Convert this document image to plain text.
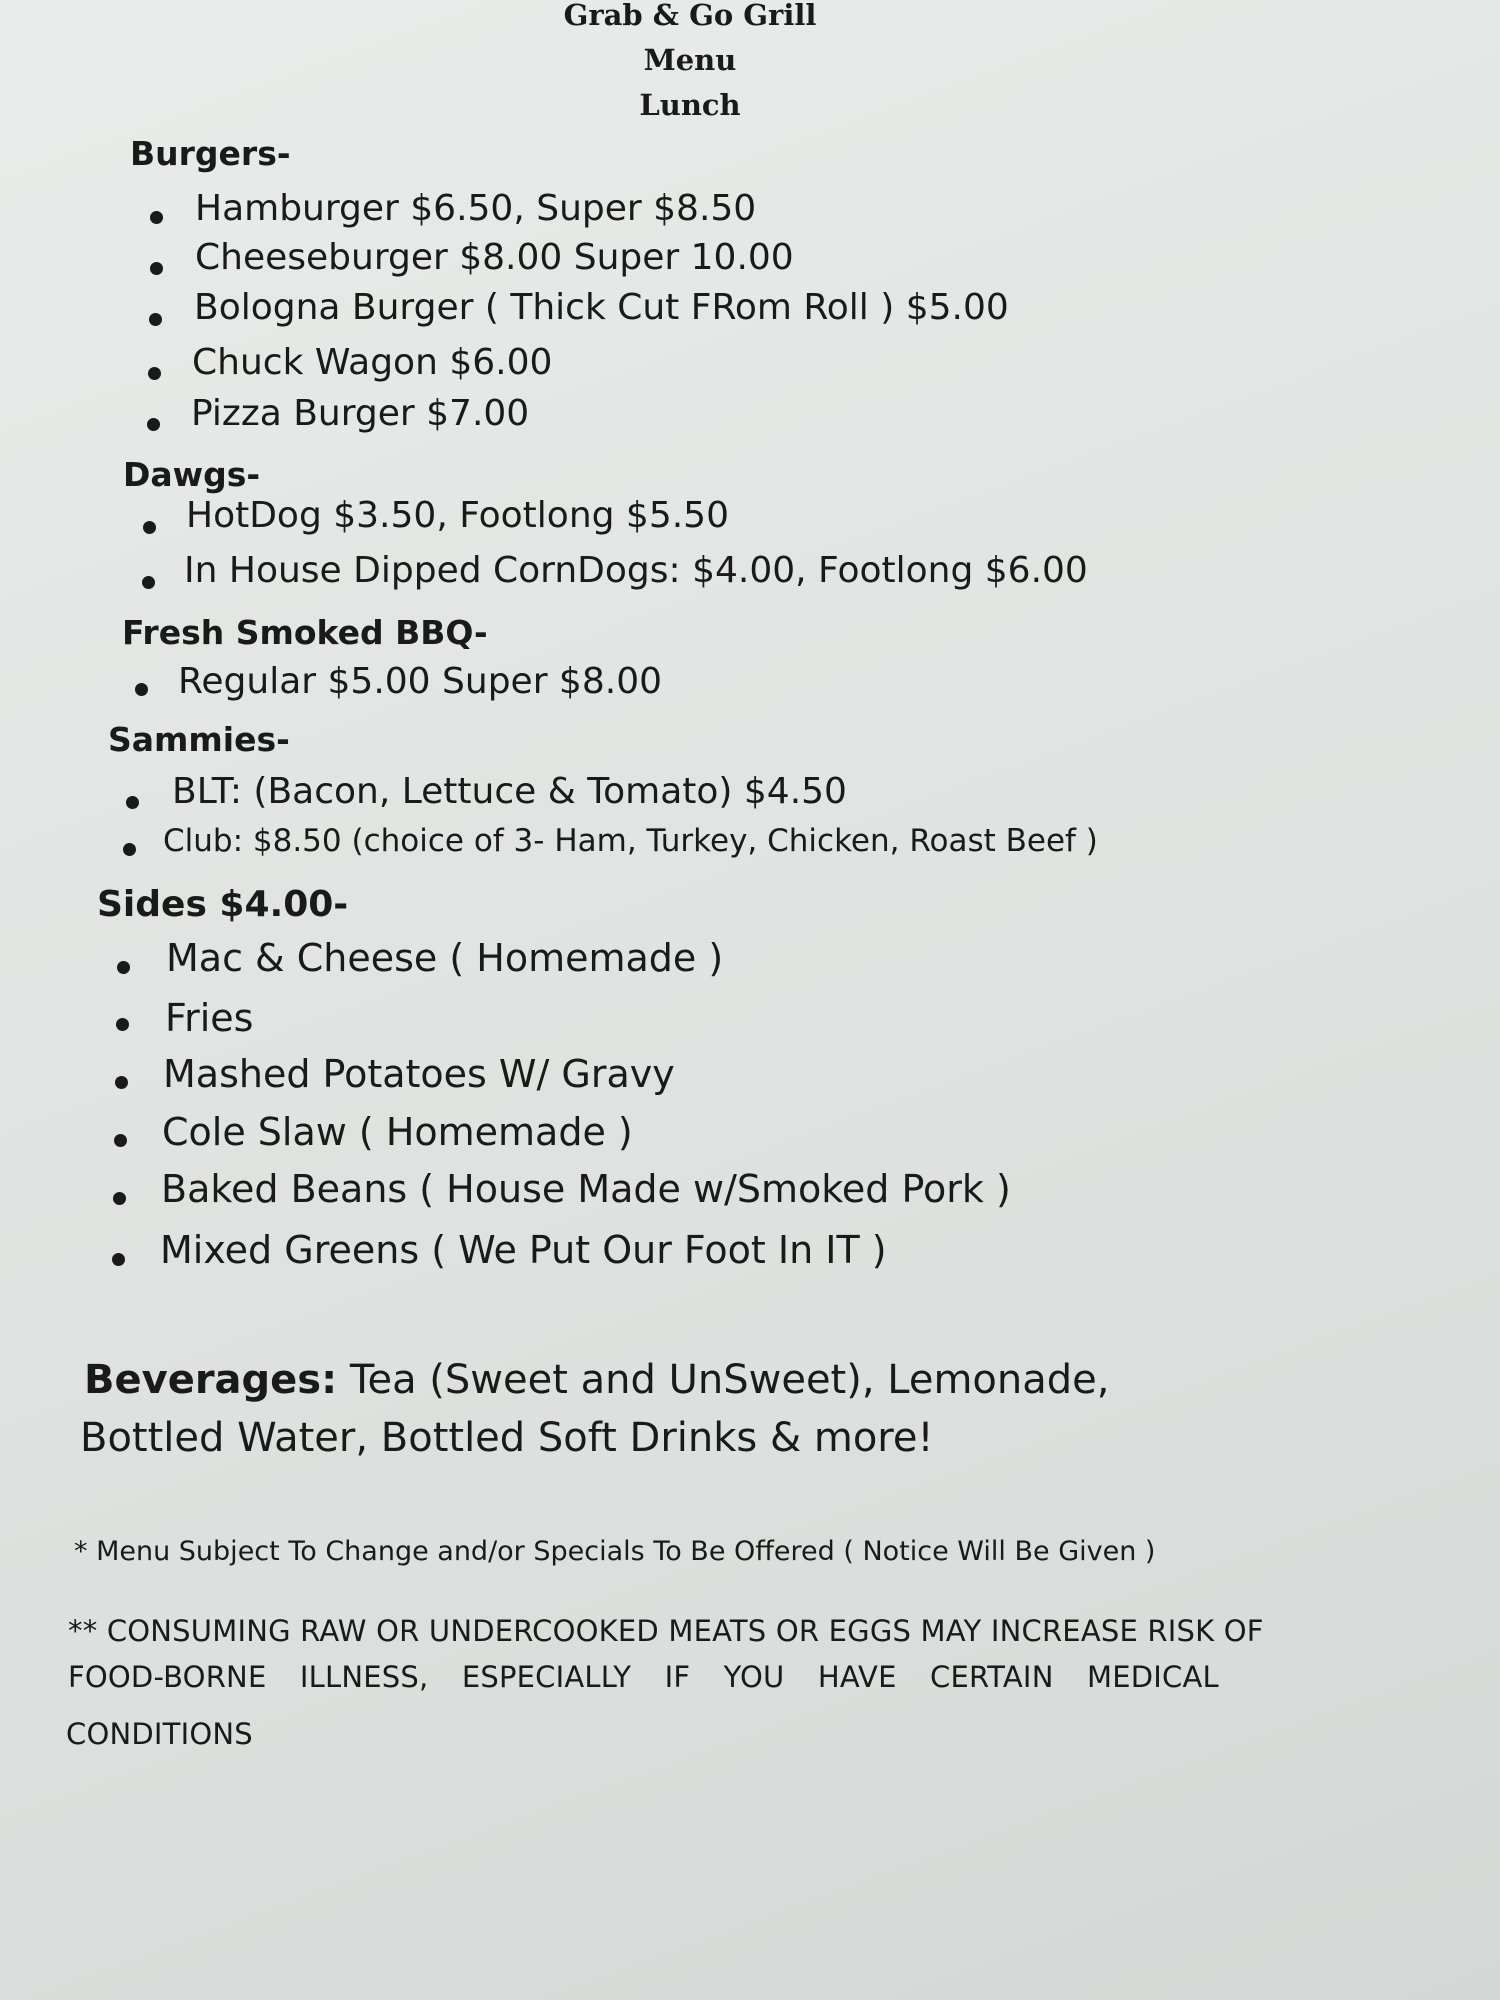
Grab & Go Grill
Menu
Lunch
Burgers-
Hamburger $6.50, Super $8.50
Cheeseburger $8.00 Super 10.00
Bologna Burger ( Thick Cut FRom Roll ) $5.00
Chuck Wagon $6.00
Pizza Burger $7.00
Dawgs-
HotDog $3.50, Footlong $5.50
In House Dipped CornDogs: $4.00, Footlong $6.00
Fresh Smoked BBQ-
Regular $5.00 Super $8.00
Sammies-
BLT: (Bacon, Lettuce & Tomato) $4.50
Club: $8.50 (choice of 3- Ham, Turkey, Chicken, Roast Beef )
Sides $4.00-
Mac & Cheese ( Homemade )
Fries
Mashed Potatoes W/ Gravy
Cole Slaw ( Homemade )
Baked Beans ( House Made w/Smoked Pork )
Mixed Greens ( We Put Our Foot In IT )
Beverages: Tea (Sweet and UnSweet), Lemonade,
Bottled Water, Bottled Soft Drinks & more!
* Menu Subject To Change and/or Specials To Be Offered ( Notice Will Be Given )
** CONSUMING RAW OR UNDERCOOKED MEATS OR EGGS MAY INCREASE RISK OF
FOOD-BORNE ILLNESS, ESPECIALLY IF YOU HAVE CERTAIN MEDICAL
CONDITIONS
